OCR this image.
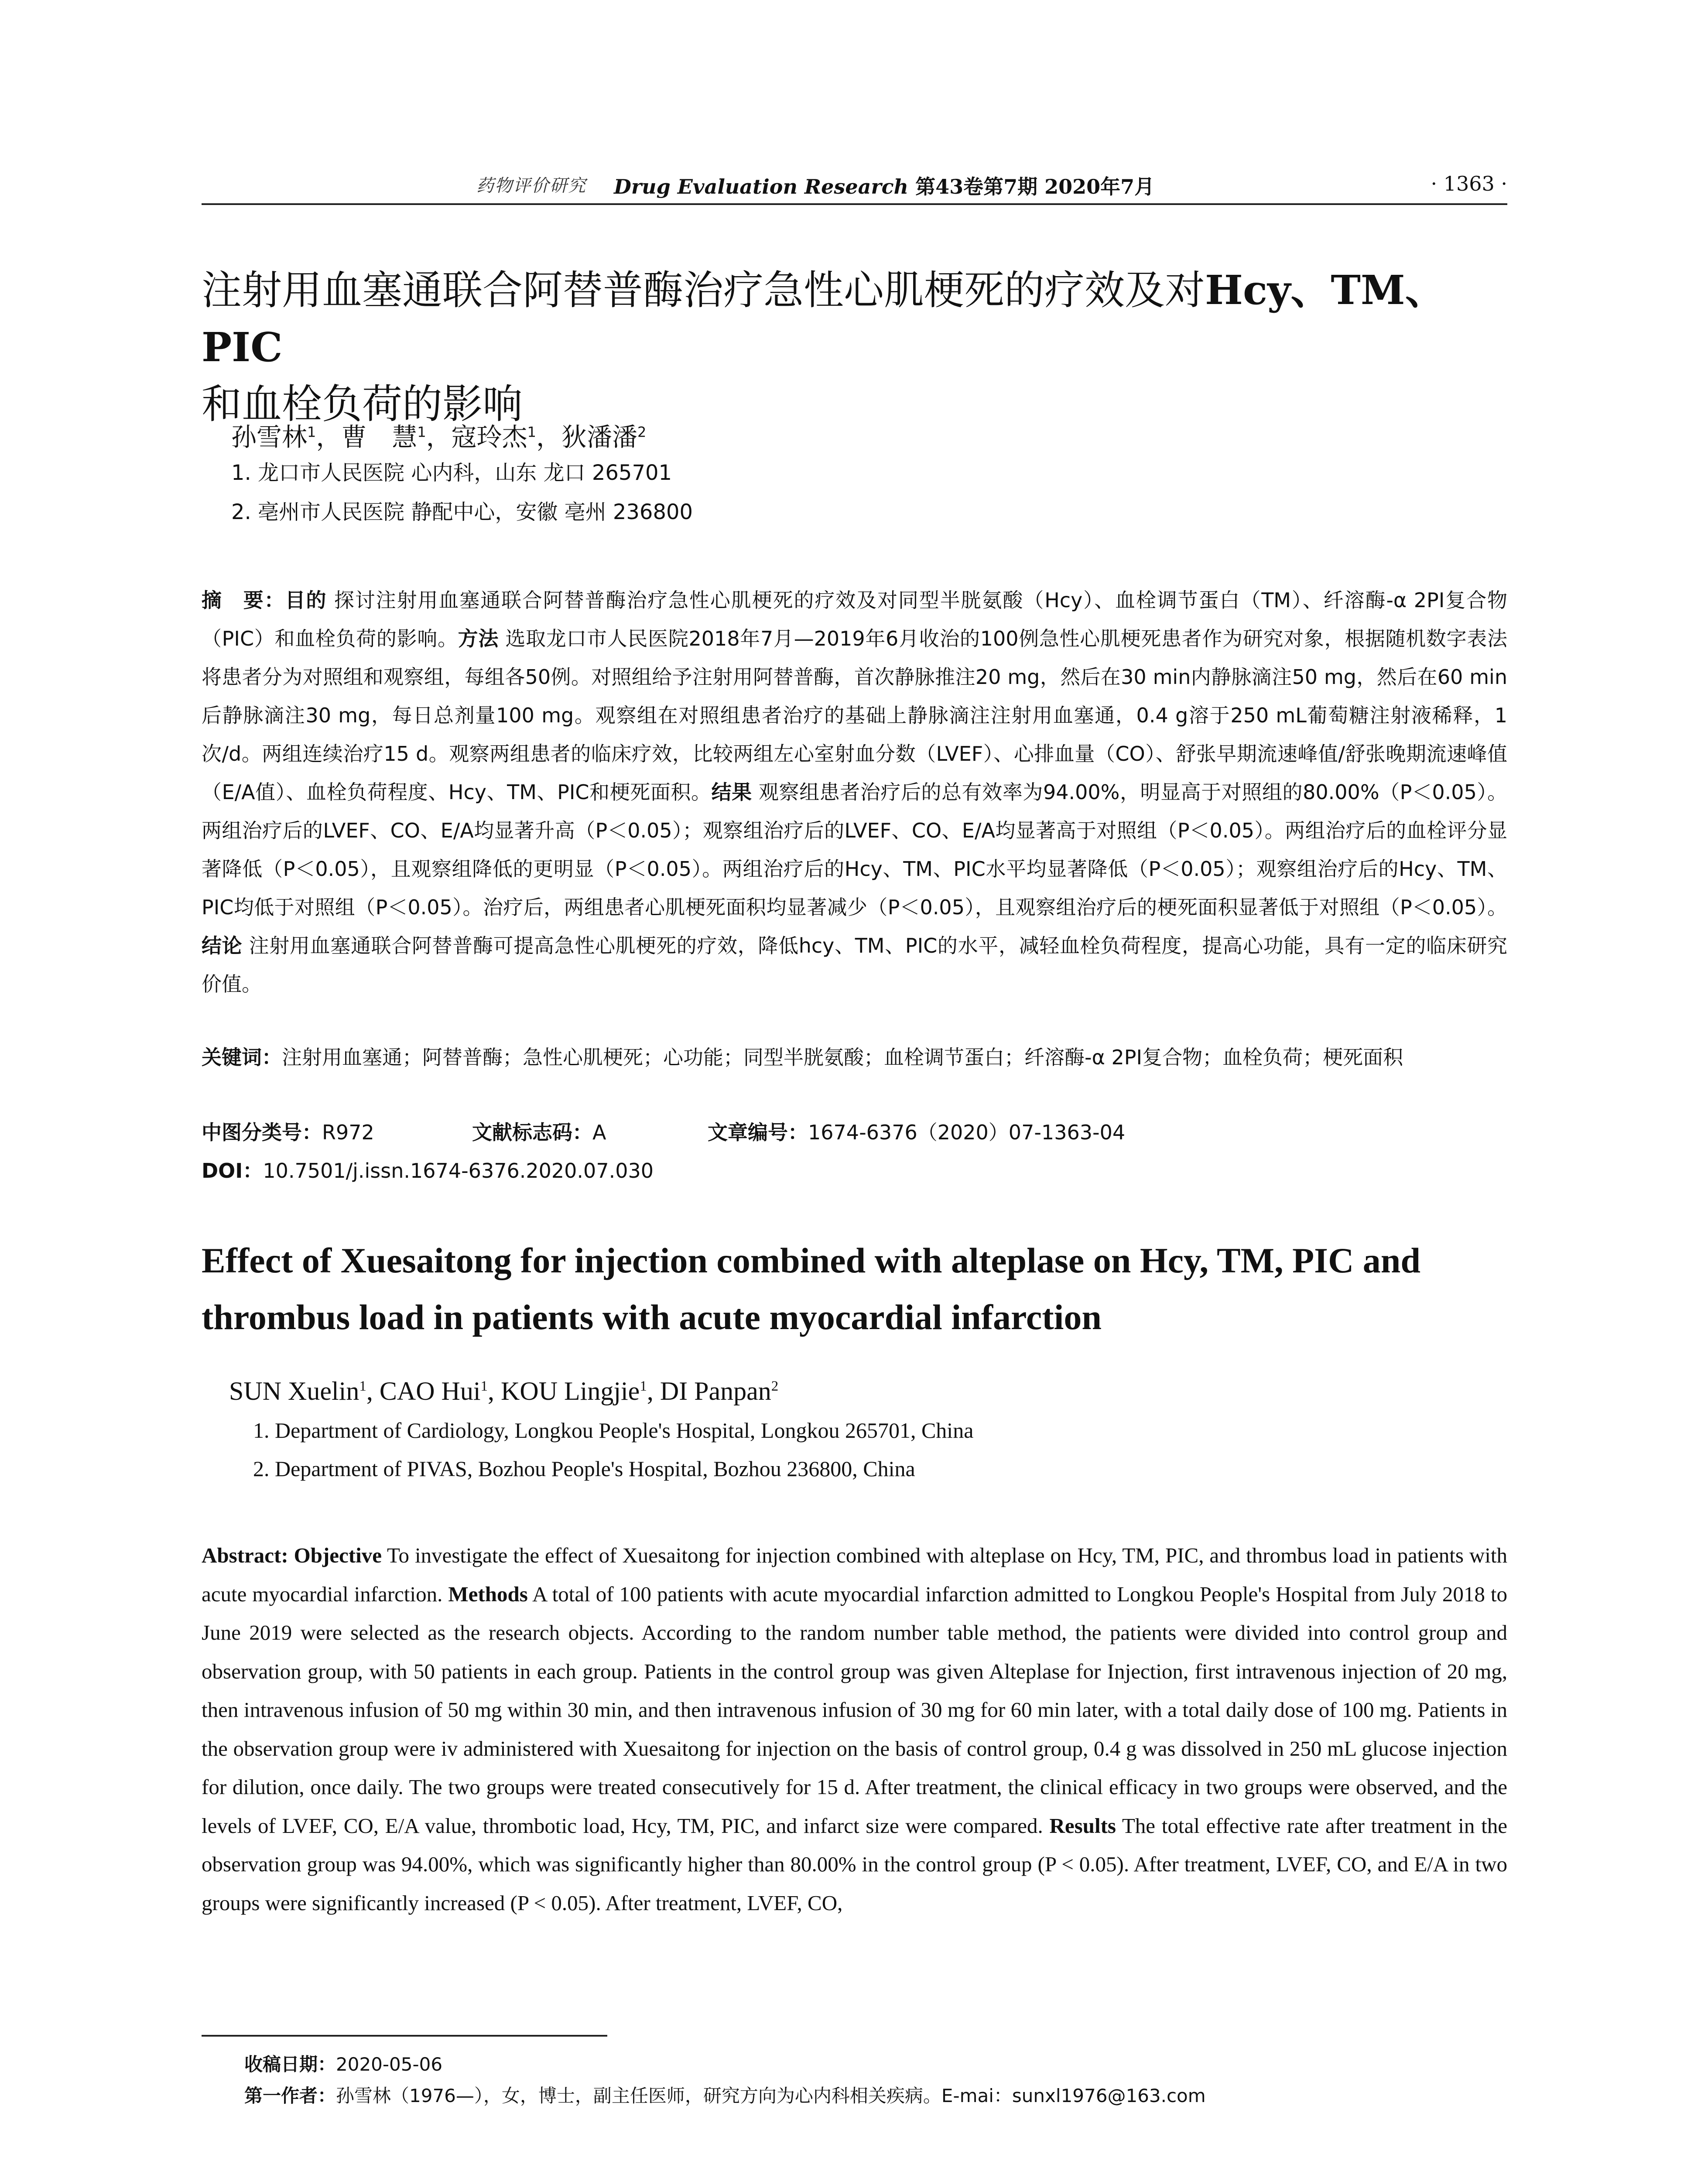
药物评价研究 Drug Evaluation Research 第43卷第7期 2020年7月	· 1363 ·
注射用血塞通联合阿替普酶治疗急性心肌梗死的疗效及对Hcy、TM、PIC
和血栓负荷的影响
孙雪林$^1$，曹　慧$^1$，寇玲杰$^1$，狄潘潘$^2$
1. 龙口市人民医院 心内科，山东 龙口 265701
2. 亳州市人民医院 静配中心，安徽 亳州 236800
摘　要：目的 探讨注射用血塞通联合阿替普酶治疗急性心肌梗死的疗效及对同型半胱氨酸（Hcy）、血栓调节蛋白（TM）、纤溶酶-α 2PI复合物（PIC）和血栓负荷的影响。方法 选取龙口市人民医院2018年7月—2019年6月收治的100例急性心肌梗死患者作为研究对象，根据随机数字表法将患者分为对照组和观察组，每组各50例。对照组给予注射用阿替普酶，首次静脉推注20 mg，然后在30 min内静脉滴注50 mg，然后在60 min后静脉滴注30 mg，每日总剂量100 mg。观察组在对照组患者治疗的基础上静脉滴注注射用血塞通，0.4 g溶于250 mL葡萄糖注射液稀释，1次/d。两组连续治疗15 d。观察两组患者的临床疗效，比较两组左心室射血分数（LVEF）、心排血量（CO）、舒张早期流速峰值/舒张晚期流速峰值（E/A值）、血栓负荷程度、Hcy、TM、PIC和梗死面积。结果 观察组患者治疗后的总有效率为94.00%，明显高于对照组的80.00%（P＜0.05）。两组治疗后的LVEF、CO、E/A均显著升高（P＜0.05）；观察组治疗后的LVEF、CO、E/A均显著高于对照组（P＜0.05）。两组治疗后的血栓评分显著降低（P＜0.05），且观察组降低的更明显（P＜0.05）。两组治疗后的Hcy、TM、PIC水平均显著降低（P＜0.05）；观察组治疗后的Hcy、TM、PIC均低于对照组（P＜0.05）。治疗后，两组患者心肌梗死面积均显著减少（P＜0.05），且观察组治疗后的梗死面积显著低于对照组（P＜0.05）。结论 注射用血塞通联合阿替普酶可提高急性心肌梗死的疗效，降低hcy、TM、PIC的水平，减轻血栓负荷程度，提高心功能，具有一定的临床研究价值。
关键词：注射用血塞通；阿替普酶；急性心肌梗死；心功能；同型半胱氨酸；血栓调节蛋白；纤溶酶-α 2PI复合物；血栓负荷；梗死面积
中图分类号：R972	文献标志码：A	文章编号：1674-6376（2020）07-1363-04
DOI：10.7501/j.issn.1674-6376.2020.07.030
Effect of Xuesaitong for injection combined with alteplase on Hcy, TM, PIC and thrombus load in patients with acute myocardial infarction
SUN Xuelin$^1$, CAO Hui$^1$, KOU Lingjie$^1$, DI Panpan$^2$
1. Department of Cardiology, Longkou People's Hospital, Longkou 265701, China
2. Department of PIVAS, Bozhou People's Hospital, Bozhou 236800, China
Abstract: Objective To investigate the effect of Xuesaitong for injection combined with alteplase on Hcy, TM, PIC, and thrombus load in patients with acute myocardial infarction. Methods A total of 100 patients with acute myocardial infarction admitted to Longkou People's Hospital from July 2018 to June 2019 were selected as the research objects. According to the random number table method, the patients were divided into control group and observation group, with 50 patients in each group. Patients in the control group was given Alteplase for Injection, first intravenous injection of 20 mg, then intravenous infusion of 50 mg within 30 min, and then intravenous infusion of 30 mg for 60 min later, with a total daily dose of 100 mg. Patients in the observation group were iv administered with Xuesaitong for injection on the basis of control group, 0.4 g was dissolved in 250 mL glucose injection for dilution, once daily. The two groups were treated consecutively for 15 d. After treatment, the clinical efficacy in two groups were observed, and the levels of LVEF, CO, E/A value, thrombotic load, Hcy, TM, PIC, and infarct size were compared. Results The total effective rate after treatment in the observation group was 94.00%, which was significantly higher than 80.00% in the control group (P < 0.05). After treatment, LVEF, CO, and E/A in two groups were significantly increased (P < 0.05). After treatment, LVEF, CO,
收稿日期：2020-05-06
第一作者：孙雪林（1976—），女，博士，副主任医师，研究方向为心内科相关疾病。E-mai：sunxl1976@163.com
